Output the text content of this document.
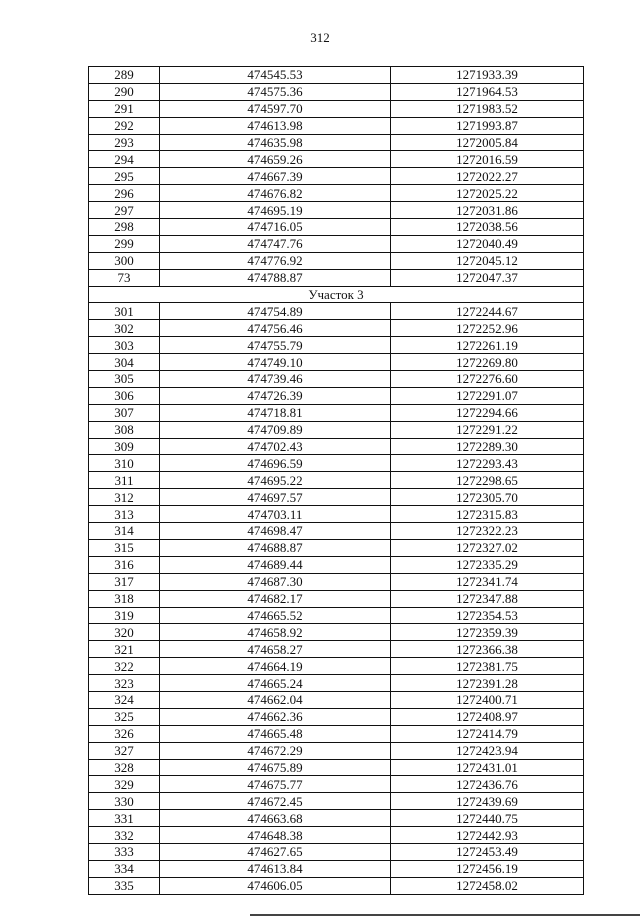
312
289	474545.53	1271933.39
290	474575.36	1271964.53
291	474597.70	1271983.52
292	474613.98	1271993.87
293	474635.98	1272005.84
294	474659.26	1272016.59
295	474667.39	1272022.27
296	474676.82	1272025.22
297	474695.19	1272031.86
298	474716.05	1272038.56
299	474747.76	1272040.49
300	474776.92	1272045.12
73	474788.87	1272047.37
Участок 3		
301	474754.89	1272244.67
302	474756.46	1272252.96
303	474755.79	1272261.19
304	474749.10	1272269.80
305	474739.46	1272276.60
306	474726.39	1272291.07
307	474718.81	1272294.66
308	474709.89	1272291.22
309	474702.43	1272289.30
310	474696.59	1272293.43
311	474695.22	1272298.65
312	474697.57	1272305.70
313	474703.11	1272315.83
314	474698.47	1272322.23
315	474688.87	1272327.02
316	474689.44	1272335.29
317	474687.30	1272341.74
318	474682.17	1272347.88
319	474665.52	1272354.53
320	474658.92	1272359.39
321	474658.27	1272366.38
322	474664.19	1272381.75
323	474665.24	1272391.28
324	474662.04	1272400.71
325	474662.36	1272408.97
326	474665.48	1272414.79
327	474672.29	1272423.94
328	474675.89	1272431.01
329	474675.77	1272436.76
330	474672.45	1272439.69
331	474663.68	1272440.75
332	474648.38	1272442.93
333	474627.65	1272453.49
334	474613.84	1272456.19
335	474606.05	1272458.02
